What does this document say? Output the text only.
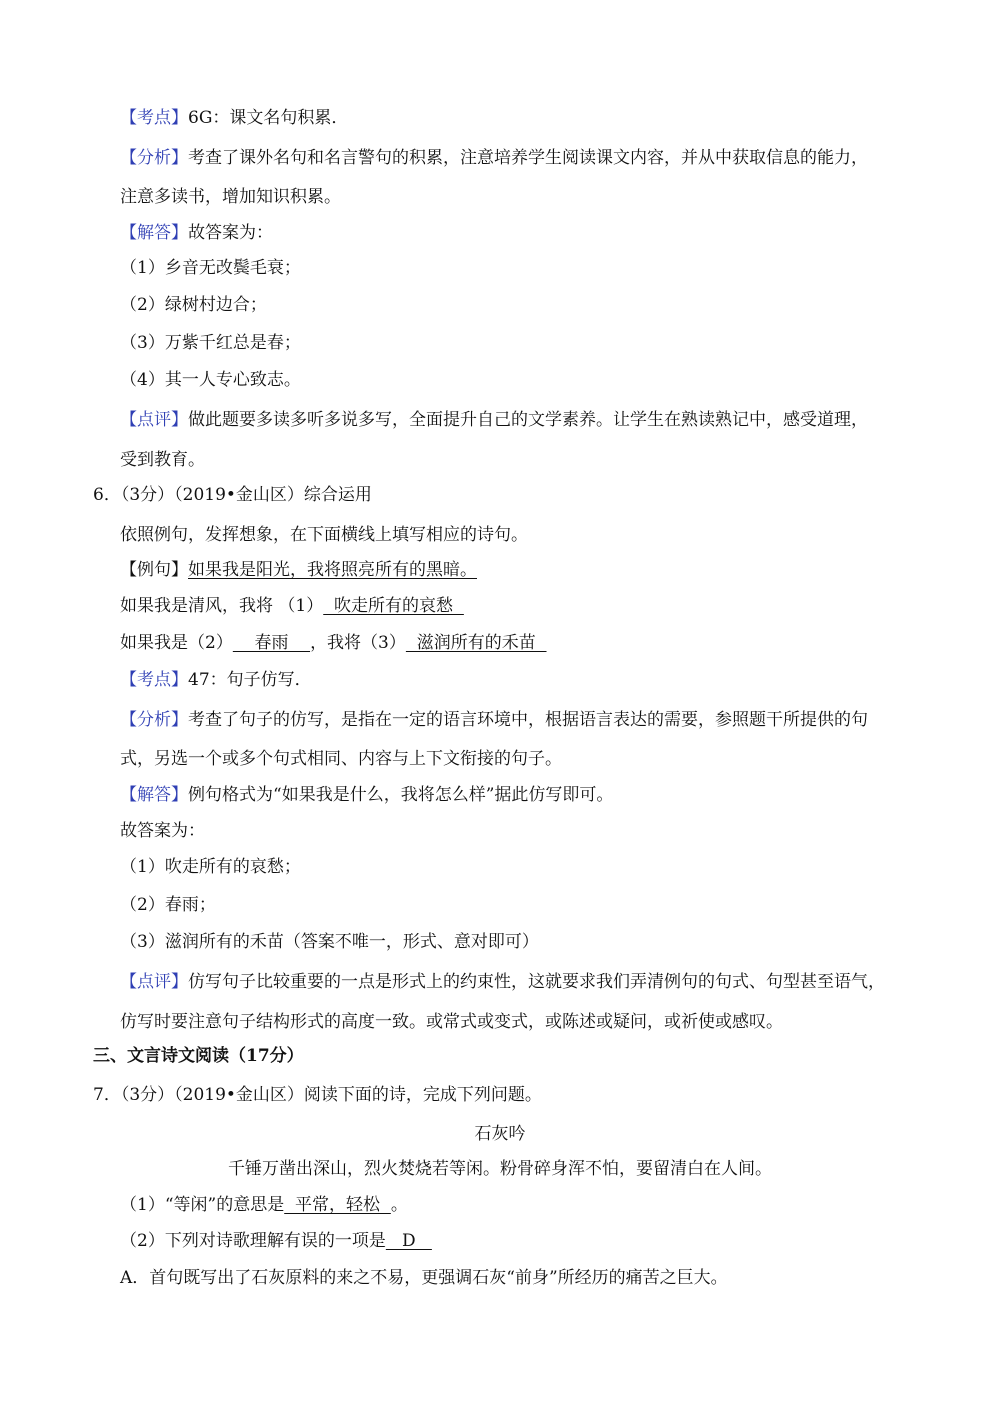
【考点】6G：课文名句积累．
【分析】考查了课外名句和名言警句的积累，注意培养学生阅读课文内容，并从中获取信息的能力，
注意多读书，增加知识积累。
【解答】故答案为：
（1）乡音无改鬓毛衰；
（2）绿树村边合；
（3）万紫千红总是春；
（4）其一人专心致志。
【点评】做此题要多读多听多说多写，全面提升自己的文学素养。让学生在熟读熟记中，感受道理，
受到教育。
6．（3分）（2019•金山区）综合运用
依照例句，发挥想象，在下面横线上填写相应的诗句。
【例句】如果我是阳光，我将照亮所有的黑暗。
如果我是清风，我将 （1）  吹走所有的哀愁
如果我是（2）    春雨    ，我将（3）  滋润所有的禾苗
【考点】47：句子仿写．
【分析】考查了句子的仿写，是指在一定的语言环境中，根据语言表达的需要，参照题干所提供的句
式，另选一个或多个句式相同、内容与上下文衔接的句子。
【解答】例句格式为“如果我是什么，我将怎么样”据此仿写即可。
故答案为：
（1）吹走所有的哀愁；
（2）春雨；
（3）滋润所有的禾苗（答案不唯一，形式、意对即可）
【点评】仿写句子比较重要的一点是形式上的约束性，这就要求我们弄清例句的句式、句型甚至语气，
仿写时要注意句子结构形式的高度一致。或常式或变式，或陈述或疑问，或祈使或感叹。
三、文言诗文阅读（17分）
7．（3分）（2019•金山区）阅读下面的诗，完成下列问题。
石灰吟
千锤万凿出深山，烈火焚烧若等闲。粉骨碎身浑不怕，要留清白在人间。
（1）“等闲”的意思是  平常，轻松  。
（2）下列对诗歌理解有误的一项是   D
A．首句既写出了石灰原料的来之不易，更强调石灰“前身”所经历的痛苦之巨大。
